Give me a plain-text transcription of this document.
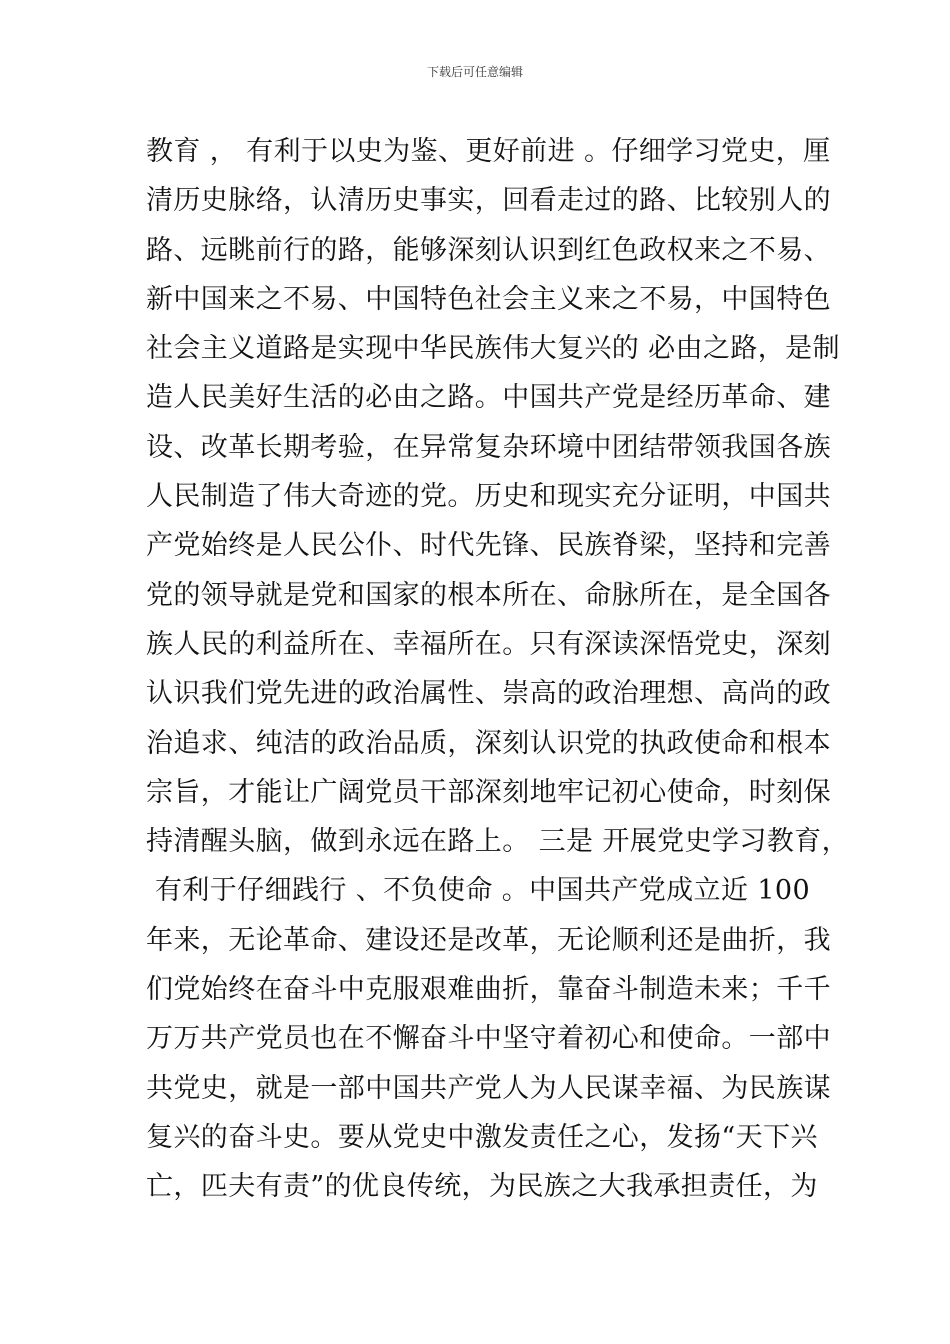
下载后可任意编辑
教育 ， 有利于以史为鉴、更好前进 。仔细学习党史，厘
清历史脉络，认清历史事实，回看走过的路、比较别人的
路、远眺前行的路，能够深刻认识到红色政权来之不易、
新中国来之不易、中国特色社会主义来之不易，中国特色
社会主义道路是实现中华民族伟大复兴的 必由之路，是制
造人民美好生活的必由之路。中国共产党是经历革命、建
设、改革长期考验，在异常复杂环境中团结带领我国各族
人民制造了伟大奇迹的党。历史和现实充分证明，中国共
产党始终是人民公仆、时代先锋、民族脊梁，坚持和完善
党的领导就是党和国家的根本所在、命脉所在，是全国各
族人民的利益所在、幸福所在。只有深读深悟党史，深刻
认识我们党先进的政治属性、崇高的政治理想、高尚的政
治追求、纯洁的政治品质，深刻认识党的执政使命和根本
宗旨，才能让广阔党员干部深刻地牢记初心使命，时刻保
持清醒头脑，做到永远在路上。 三是 开展党史学习教育，
有利于仔细践行 、不负使命 。中国共产党成立近 100
年来，无论革命、建设还是改革，无论顺利还是曲折，我
们党始终在奋斗中克服艰难曲折，靠奋斗制造未来；千千
万万共产党员也在不懈奋斗中坚守着初心和使命。一部中
共党史，就是一部中国共产党人为人民谋幸福、为民族谋
复兴的奋斗史。要从党史中激发责任之心，发扬“天下兴
亡，匹夫有责”的优良传统，为民族之大我承担责任，为
